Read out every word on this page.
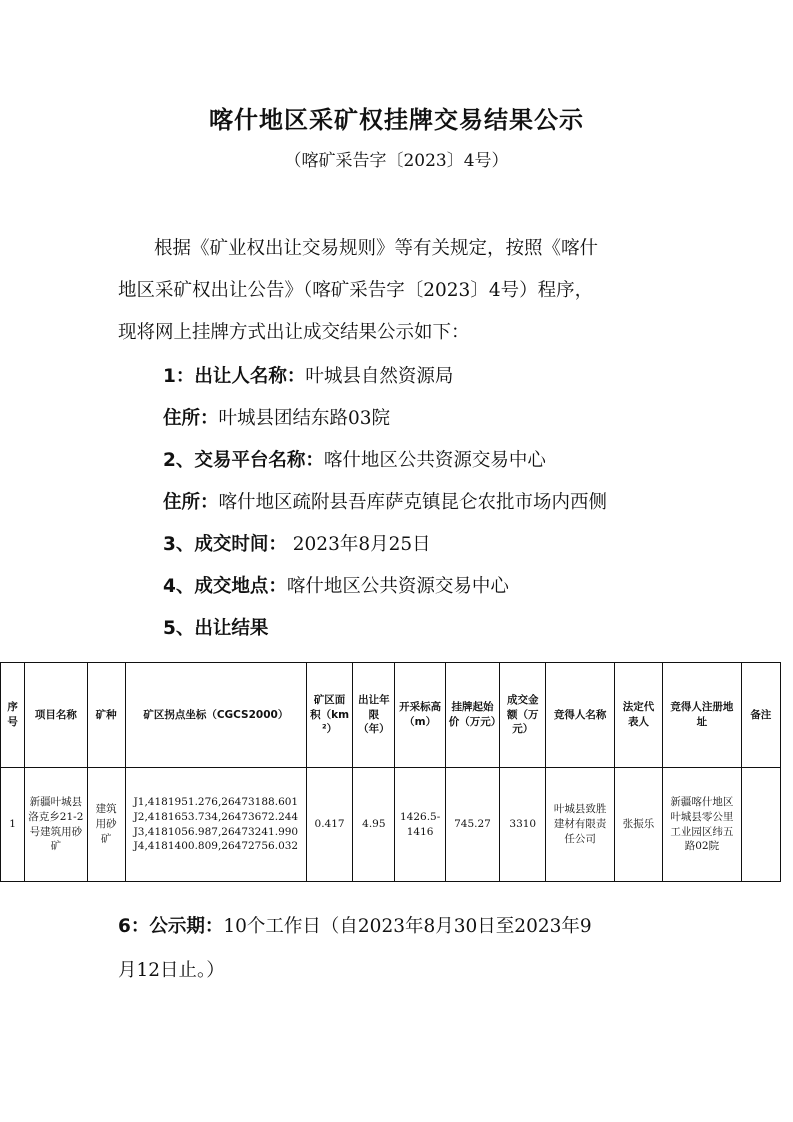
喀什地区采矿权挂牌交易结果公示
（喀矿采告字〔2023〕4号）
根据《矿业权出让交易规则》等有关规定，按照《喀什
地区采矿权出让公告》（喀矿采告字〔2023〕4号）程序，
现将网上挂牌方式出让成交结果公示如下：
1：出让人名称：叶城县自然资源局
住所：叶城县团结东路03院
2、交易平台名称：喀什地区公共资源交易中心
住所：喀什地区疏附县吾库萨克镇昆仑农批市场内西侧
3、成交时间： 2023年8月25日
4、成交地点：喀什地区公共资源交易中心
5、出让结果
序号	项目名称	矿种	矿区拐点坐标（CGCS2000）	矿区面积（km²）	出让年限（年）	开采标高（m）	挂牌起始价（万元）	成交金额（万元）	竞得人名称	法定代表人	竞得人注册地址	备注
1	新疆叶城县洛克乡21-2号建筑用砂矿	建筑用砂矿	J1,4181951.276,26473188.601
J2,4181653.734,26473672.244
J3,4181056.987,26473241.990
J4,4181400.809,26472756.032	0.417	4.95	1426.5-1416	745.27	3310	叶城县致胜建材有限责任公司	张振乐	新疆喀什地区叶城县零公里工业园区纬五路02院	
6：公示期：10个工作日（自2023年8月30日至2023年9
月12日止。）
